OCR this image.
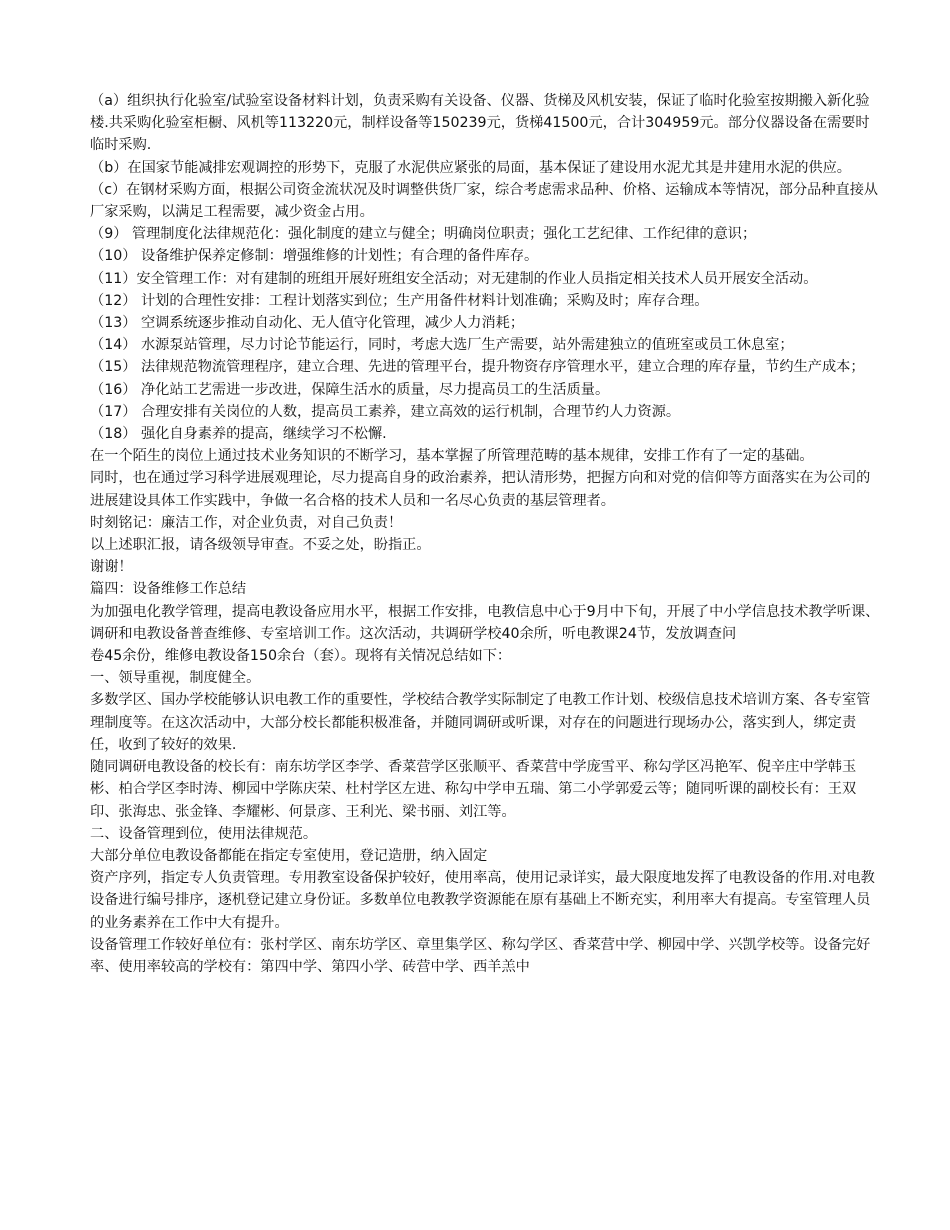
（a）组织执行化验室/试验室设备材料计划，负责采购有关设备、仪器、货梯及风机安装，保证了临时化验室按期搬入新化验楼.共采购化验室柜橱、风机等113220元，制样设备等150239元，货梯41500元，合计304959元。部分仪器设备在需要时临时采购.

（b）在国家节能减排宏观调控的形势下，克服了水泥供应紧张的局面，基本保证了建设用水泥尤其是井建用水泥的供应。

（c）在钢材采购方面，根据公司资金流状况及时调整供货厂家，综合考虑需求品种、价格、运输成本等情况，部分品种直接从厂家采购，以满足工程需要，减少资金占用。

（9） 管理制度化法律规范化：强化制度的建立与健全；明确岗位职责；强化工艺纪律、工作纪律的意识；

（10） 设备维护保养定修制：增强维修的计划性；有合理的备件库存。

（11）安全管理工作：对有建制的班组开展好班组安全活动；对无建制的作业人员指定相关技术人员开展安全活动。

（12） 计划的合理性安排：工程计划落实到位；生产用备件材料计划准确；采购及时；库存合理。

（13） 空调系统逐步推动自动化、无人值守化管理，减少人力消耗；

（14） 水源泵站管理，尽力讨论节能运行，同时，考虑大选厂生产需要，站外需建独立的值班室或员工休息室；

（15） 法律规范物流管理程序，建立合理、先进的管理平台，提升物资存序管理水平，建立合理的库存量，节约生产成本；

（16） 净化站工艺需进一步改进，保障生活水的质量，尽力提高员工的生活质量。

（17） 合理安排有关岗位的人数，提高员工素养，建立高效的运行机制，合理节约人力资源。

（18） 强化自身素养的提高，继续学习不松懈.

在一个陌生的岗位上通过技术业务知识的不断学习，基本掌握了所管理范畴的基本规律，安排工作有了一定的基础。

同时，也在通过学习科学进展观理论，尽力提高自身的政治素养，把认清形势，把握方向和对党的信仰等方面落实在为公司的进展建设具体工作实践中，争做一名合格的技术人员和一名尽心负责的基层管理者。

时刻铭记：廉洁工作，对企业负责，对自己负责！

以上述职汇报，请各级领导审查。不妥之处，盼指正。

谢谢！

篇四：设备维修工作总结

为加强电化教学管理，提高电教设备应用水平，根据工作安排，电教信息中心于9月中下旬，开展了中小学信息技术教学听课、调研和电教设备普查维修、专室培训工作。这次活动，共调研学校40余所，听电教课24节，发放调查问

卷45余份，维修电教设备150余台（套）。现将有关情况总结如下：

一、领导重视，制度健全。

多数学区、国办学校能够认识电教工作的重要性，学校结合教学实际制定了电教工作计划、校级信息技术培训方案、各专室管理制度等。在这次活动中，大部分校长都能积极准备，并随同调研或听课，对存在的问题进行现场办公，落实到人，绑定责任，收到了较好的效果.

随同调研电教设备的校长有：南东坊学区李学、香菜营学区张顺平、香菜营中学庞雪平、称勾学区冯艳军、倪辛庄中学韩玉彬、柏合学区李时涛、柳园中学陈庆荣、杜村学区左进、称勾中学申五瑞、第二小学郭爱云等；随同听课的副校长有：王双印、张海忠、张金锋、李耀彬、何景彦、王利光、梁书丽、刘江等。

二、设备管理到位，使用法律规范。

大部分单位电教设备都能在指定专室使用，登记造册，纳入固定

资产序列，指定专人负责管理。专用教室设备保护较好，使用率高，使用记录详实，最大限度地发挥了电教设备的作用.对电教设备进行编号排序，逐机登记建立身份证。多数单位电教教学资源能在原有基础上不断充实，利用率大有提高。专室管理人员的业务素养在工作中大有提升。

设备管理工作较好单位有：张村学区、南东坊学区、章里集学区、称勾学区、香菜营中学、柳园中学、兴凯学校等。设备完好率、使用率较高的学校有：第四中学、第四小学、砖营中学、西羊羔中
